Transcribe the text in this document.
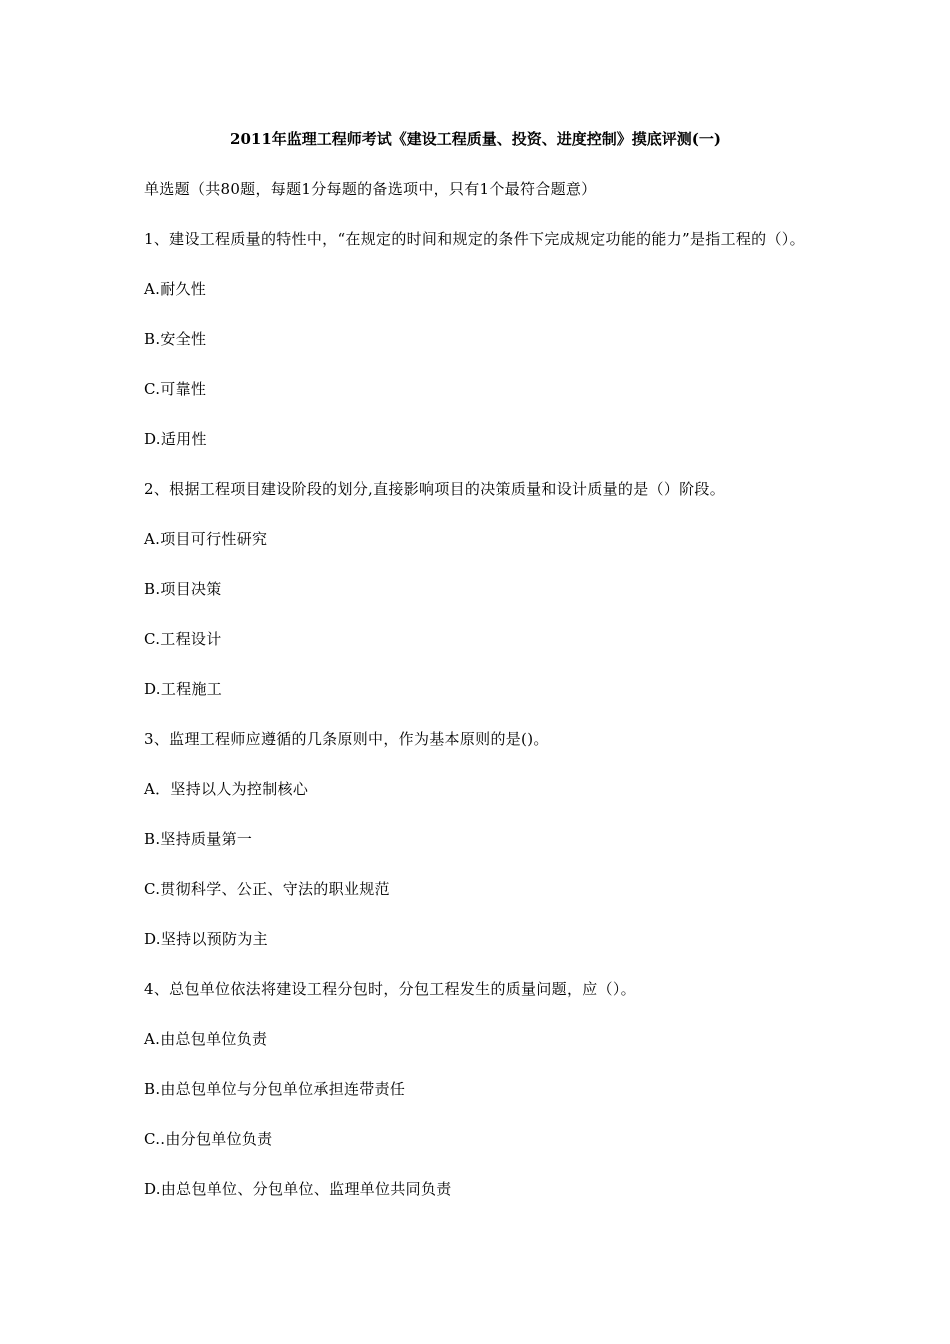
2011年监理工程师考试《建设工程质量、投资、进度控制》摸底评测(一)
单选题（共80题，每题1分每题的备选项中，只有1个最符合题意）
1、建设工程质量的特性中，“在规定的时间和规定的条件下完成规定功能的能力”是指工程的（）。
A.耐久性
B.安全性
C.可靠性
D.适用性
2、根据工程项目建设阶段的划分,直接影响项目的决策质量和设计质量的是（）阶段。
A.项目可行性研究
B.项目决策
C.工程设计
D.工程施工
3、监理工程师应遵循的几条原则中，作为基本原则的是()。
A．坚持以人为控制核心
B.坚持质量第一
C.贯彻科学、公正、守法的职业规范
D.坚持以预防为主
4、总包单位依法将建设工程分包时，分包工程发生的质量问题，应（）。
A.由总包单位负责
B.由总包单位与分包单位承担连带责任
C..由分包单位负责
D.由总包单位、分包单位、监理单位共同负责
